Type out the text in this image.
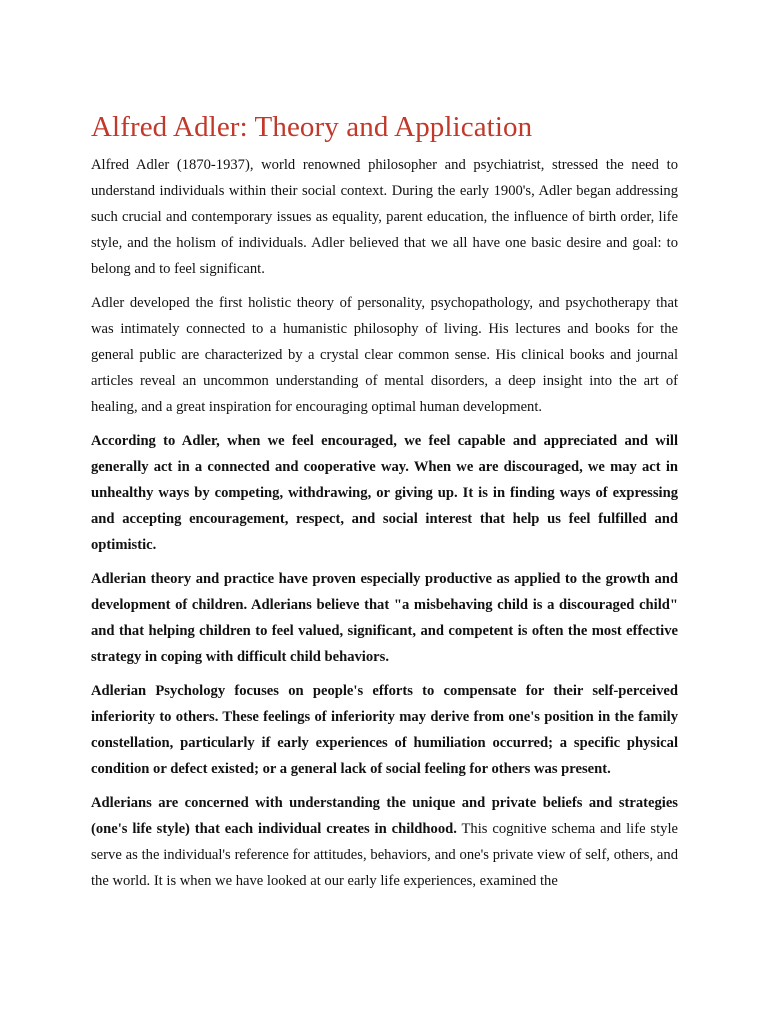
Alfred Adler: Theory and Application

Alfred Adler (1870-1937), world renowned philosopher and psychiatrist, stressed the need to understand individuals within their social context. During the early 1900's, Adler began addressing such crucial and contemporary issues as equality, parent education, the influence of birth order, life style, and the holism of individuals. Adler believed that we all have one basic desire and goal: to belong and to feel significant.

Adler developed the first holistic theory of personality, psychopathology, and psychotherapy that was intimately connected to a humanistic philosophy of living. His lectures and books for the general public are characterized by a crystal clear common sense. His clinical books and journal articles reveal an uncommon understanding of mental disorders, a deep insight into the art of healing, and a great inspiration for encouraging optimal human development.

According to Adler, when we feel encouraged, we feel capable and appreciated and will generally act in a connected and cooperative way. When we are discouraged, we may act in unhealthy ways by competing, withdrawing, or giving up. It is in finding ways of expressing and accepting encouragement, respect, and social interest that help us feel fulfilled and optimistic.

Adlerian theory and practice have proven especially productive as applied to the growth and development of children. Adlerians believe that "a misbehaving child is a discouraged child" and that helping children to feel valued, significant, and competent is often the most effective strategy in coping with difficult child behaviors.

Adlerian Psychology focuses on people's efforts to compensate for their self-perceived inferiority to others. These feelings of inferiority may derive from one's position in the family constellation, particularly if early experiences of humiliation occurred; a specific physical condition or defect existed; or a general lack of social feeling for others was present.

Adlerians are concerned with understanding the unique and private beliefs and strategies (one's life style) that each individual creates in childhood. This cognitive schema and life style serve as the individual's reference for attitudes, behaviors, and one's private view of self, others, and the world. It is when we have looked at our early life experiences, examined the
